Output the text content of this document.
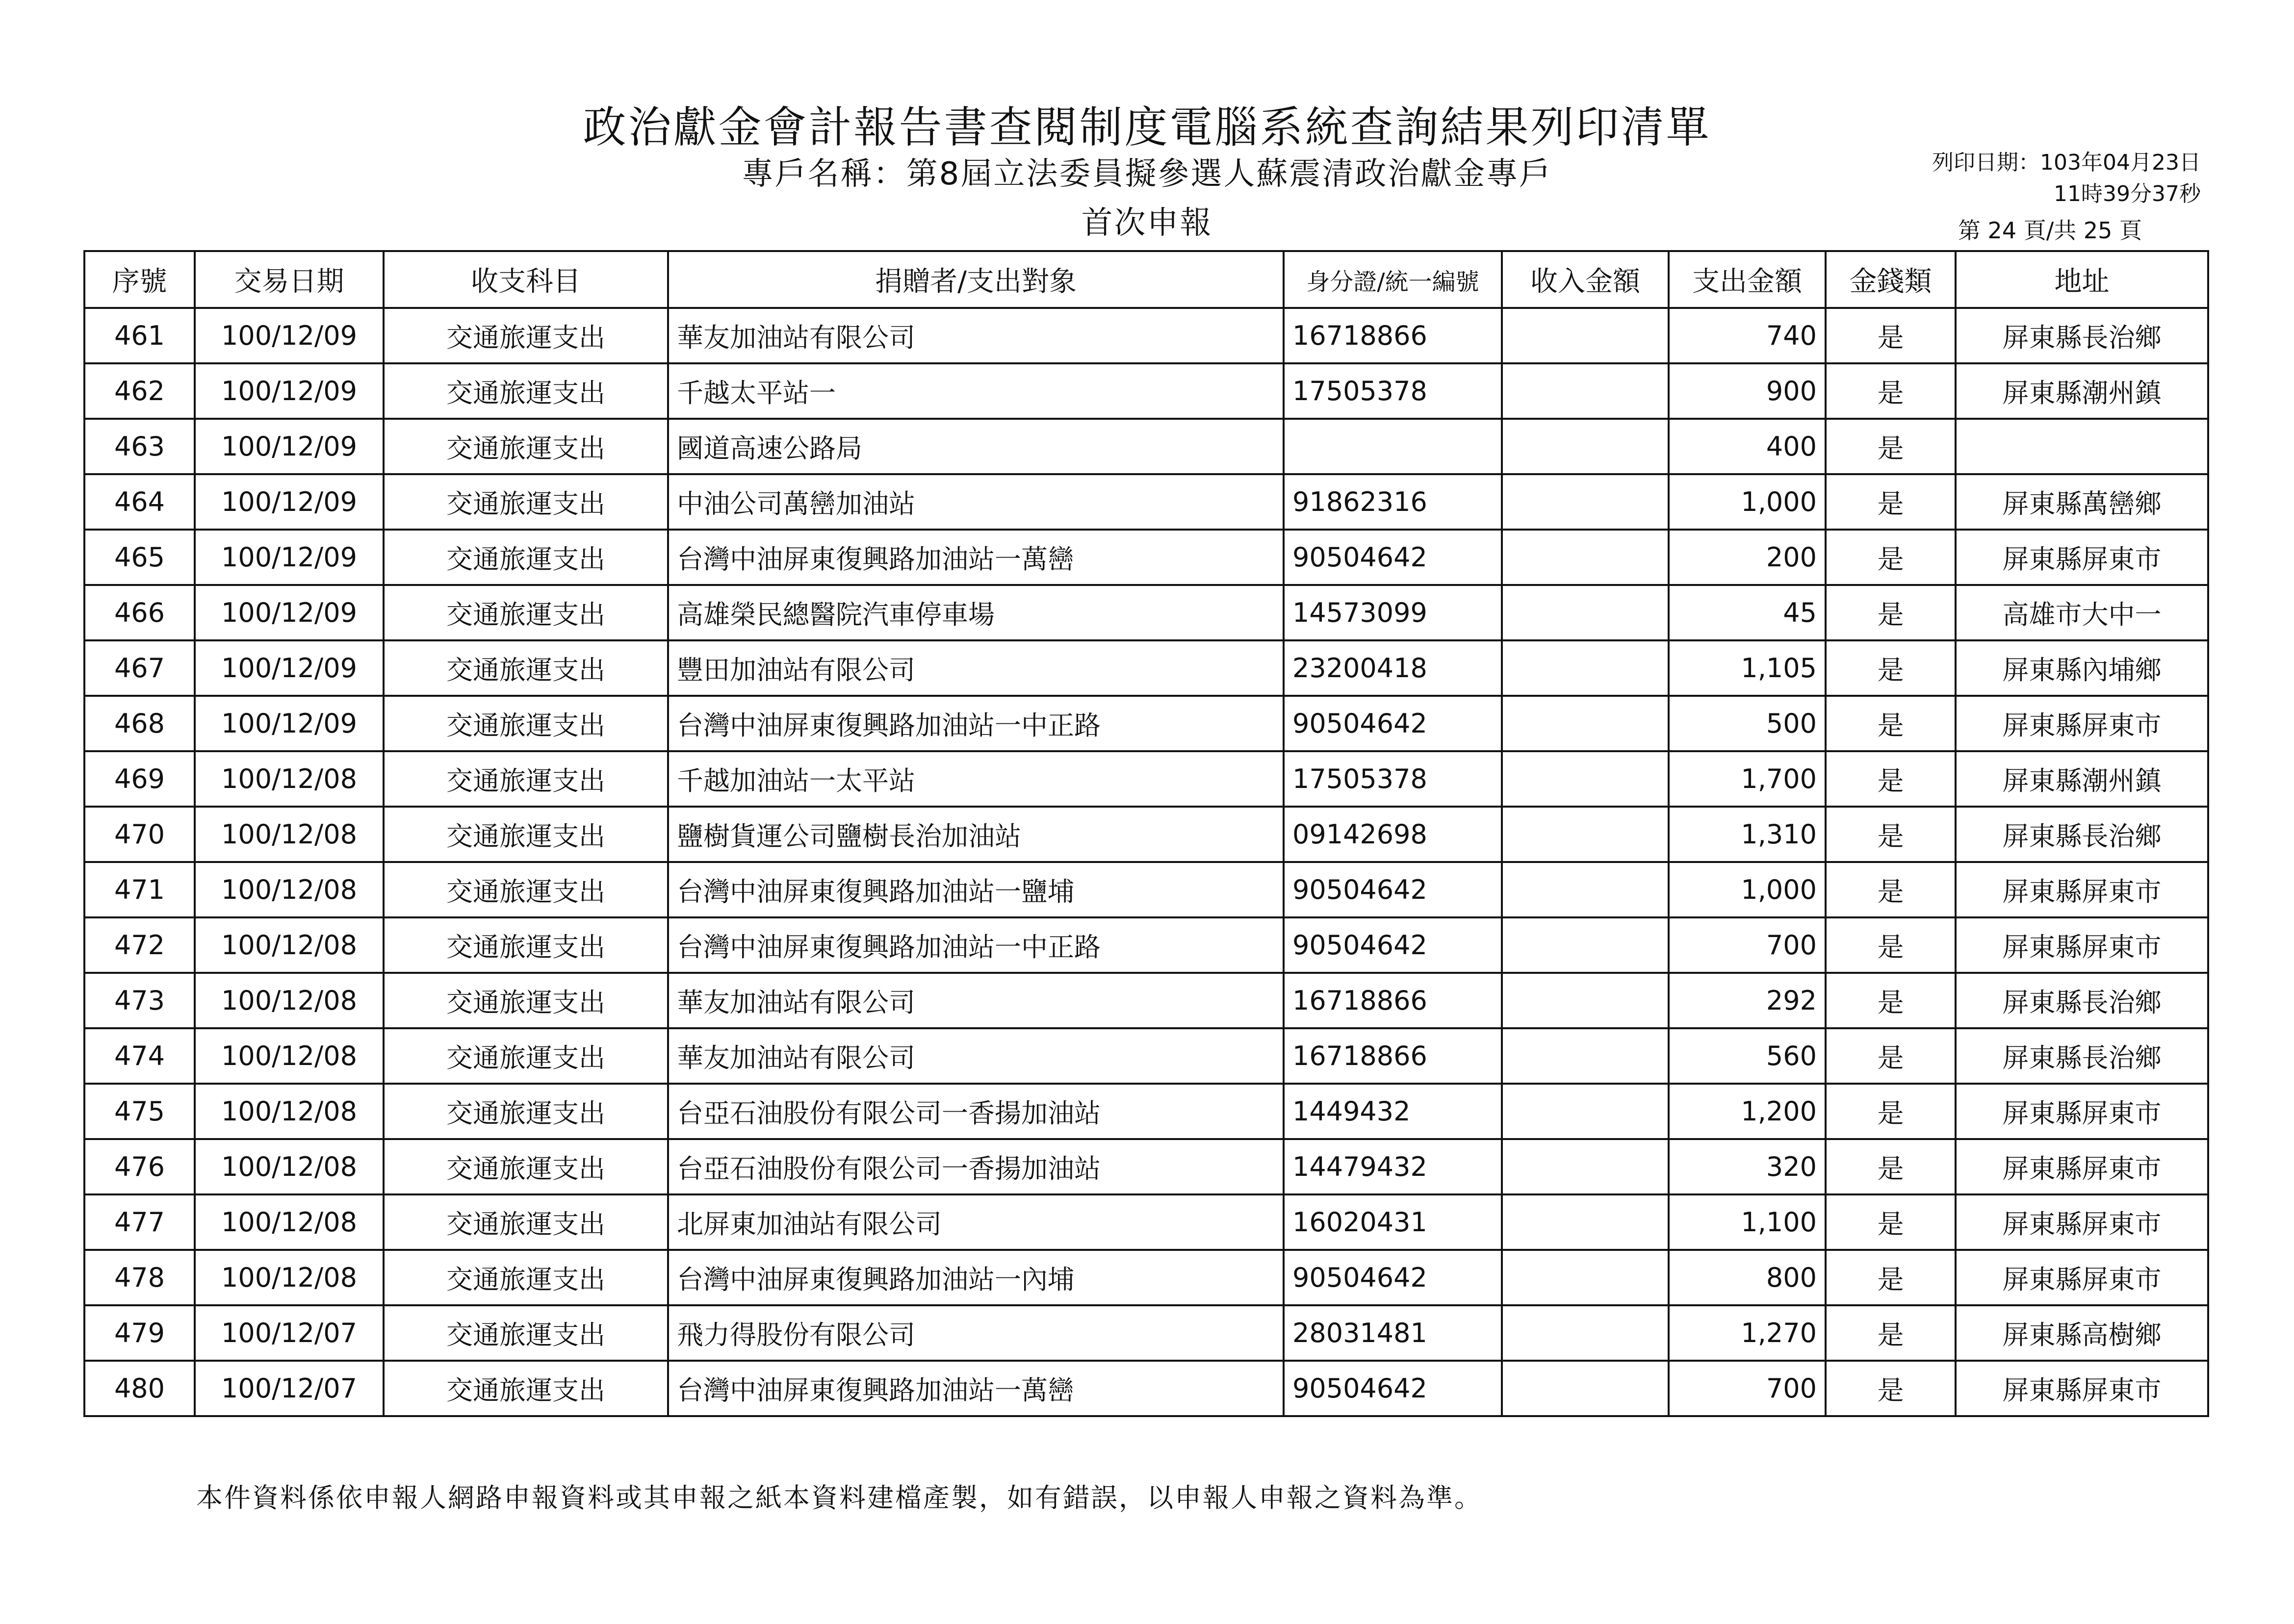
政治獻金會計報告書查閱制度電腦系統查詢結果列印清單
專戶名稱：第8屆立法委員擬參選人蘇震清政治獻金專戶
首次申報
列印日期：103年04月23日
11時39分37秒
第 24 頁/共 25 頁
序號	交易日期	收支科目	捐贈者/支出對象	身分證/統一編號	收入金額	支出金額	金錢類	地址
461	100/12/09	交通旅運支出	華友加油站有限公司	16718866		740	是	屏東縣長治鄉
462	100/12/09	交通旅運支出	千越太平站一	17505378		900	是	屏東縣潮州鎮
463	100/12/09	交通旅運支出	國道高速公路局			400	是	
464	100/12/09	交通旅運支出	中油公司萬巒加油站	91862316		1,000	是	屏東縣萬巒鄉
465	100/12/09	交通旅運支出	台灣中油屏東復興路加油站一萬巒	90504642		200	是	屏東縣屏東市
466	100/12/09	交通旅運支出	高雄榮民總醫院汽車停車場	14573099		45	是	高雄市大中一
467	100/12/09	交通旅運支出	豐田加油站有限公司	23200418		1,105	是	屏東縣內埔鄉
468	100/12/09	交通旅運支出	台灣中油屏東復興路加油站一中正路	90504642		500	是	屏東縣屏東市
469	100/12/08	交通旅運支出	千越加油站一太平站	17505378		1,700	是	屏東縣潮州鎮
470	100/12/08	交通旅運支出	鹽樹貨運公司鹽樹長治加油站	09142698		1,310	是	屏東縣長治鄉
471	100/12/08	交通旅運支出	台灣中油屏東復興路加油站一鹽埔	90504642		1,000	是	屏東縣屏東市
472	100/12/08	交通旅運支出	台灣中油屏東復興路加油站一中正路	90504642		700	是	屏東縣屏東市
473	100/12/08	交通旅運支出	華友加油站有限公司	16718866		292	是	屏東縣長治鄉
474	100/12/08	交通旅運支出	華友加油站有限公司	16718866		560	是	屏東縣長治鄉
475	100/12/08	交通旅運支出	台亞石油股份有限公司一香揚加油站	1449432		1,200	是	屏東縣屏東市
476	100/12/08	交通旅運支出	台亞石油股份有限公司一香揚加油站	14479432		320	是	屏東縣屏東市
477	100/12/08	交通旅運支出	北屏東加油站有限公司	16020431		1,100	是	屏東縣屏東市
478	100/12/08	交通旅運支出	台灣中油屏東復興路加油站一內埔	90504642		800	是	屏東縣屏東市
479	100/12/07	交通旅運支出	飛力得股份有限公司	28031481		1,270	是	屏東縣高樹鄉
480	100/12/07	交通旅運支出	台灣中油屏東復興路加油站一萬巒	90504642		700	是	屏東縣屏東市
本件資料係依申報人網路申報資料或其申報之紙本資料建檔產製，如有錯誤，以申報人申報之資料為準。
